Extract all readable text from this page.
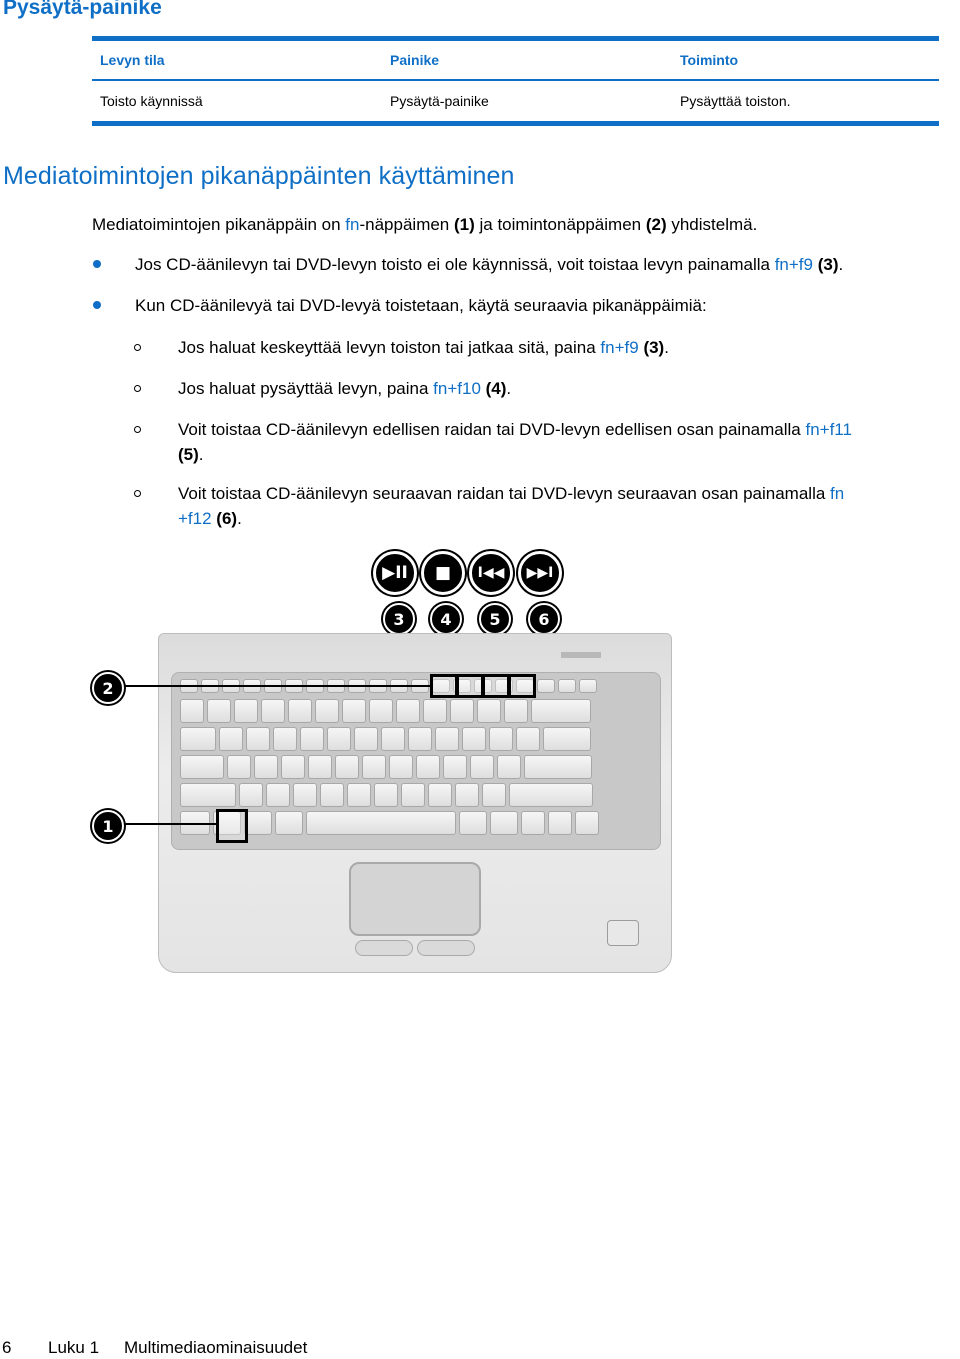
Pysäytä-painike
Levyn tila	Painike	Toiminto
Toisto käynnissä	Pysäytä-painike	Pysäyttää toiston.
Mediatoimintojen pikanäppäinten käyttäminen
Mediatoimintojen pikanäppäin on fn-näppäimen (1) ja toimintonäppäimen (2) yhdistelmä.
Jos CD-äänilevyn tai DVD-levyn toisto ei ole käynnissä, voit toistaa levyn painamalla fn+f9 (3).
Kun CD-äänilevyä tai DVD-levyä toistetaan, käytä seuraavia pikanäppäimiä:
Jos haluat keskeyttää levyn toiston tai jatkaa sitä, paina fn+f9 (3).
Jos haluat pysäyttää levyn, paina fn+f10 (4).
Voit toistaa CD-äänilevyn edellisen raidan tai DVD-levyn edellisen osan painamalla fn+f11
(5).
Voit toistaa CD-äänilevyn seuraavan raidan tai DVD-levyn seuraavan osan painamalla fn
+f12 (6).
▶II	■	I◀◀	▶▶I
3	4	5	6
2
1
6 Luku 1 Multimediaominaisuudet
